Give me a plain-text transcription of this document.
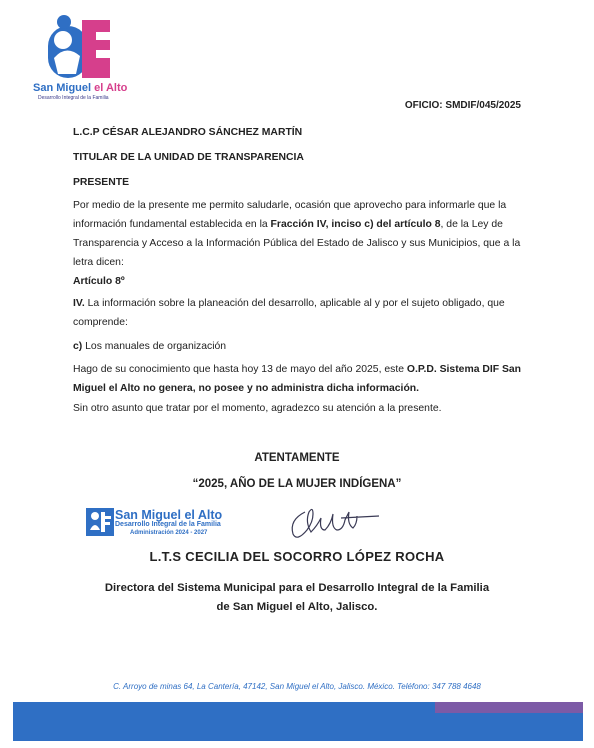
San Miguel el Alto
Desarrollo Integral de la Familia
OFICIO: SMDIF/045/2025
L.C.P CÉSAR ALEJANDRO SÁNCHEZ MARTÍN
TITULAR DE LA UNIDAD DE TRANSPARENCIA
PRESENTE
Por medio de la presente me permito saludarle, ocasión que aprovecho para informarle que la información fundamental establecida en la Fracción IV, inciso c) del artículo 8, de la Ley de Transparencia y Acceso a la Información Pública del Estado de Jalisco y sus Municipios, que a la letra dicen:
Artículo 8º
IV. La información sobre la planeación del desarrollo, aplicable al y por el sujeto obligado, que comprende:
c) Los manuales de organización
Hago de su conocimiento que hasta hoy 13 de mayo del año 2025, este O.P.D. Sistema DIF San Miguel el Alto no genera, no posee y no administra dicha información.
Sin otro asunto que tratar por el momento, agradezco su atención a la presente.
ATENTAMENTE
“2025, AÑO DE LA MUJER INDÍGENA”
San Miguel el Alto
Desarrollo Integral de la Familia
Administración 2024 - 2027
L.T.S CECILIA DEL SOCORRO LÓPEZ ROCHA
Directora del Sistema Municipal para el Desarrollo Integral de la Familia
de San Miguel el Alto, Jalisco.
C. Arroyo de minas 64, La Cantería, 47142, San Miguel el Alto, Jalisco. México. Teléfono: 347 788 4648
